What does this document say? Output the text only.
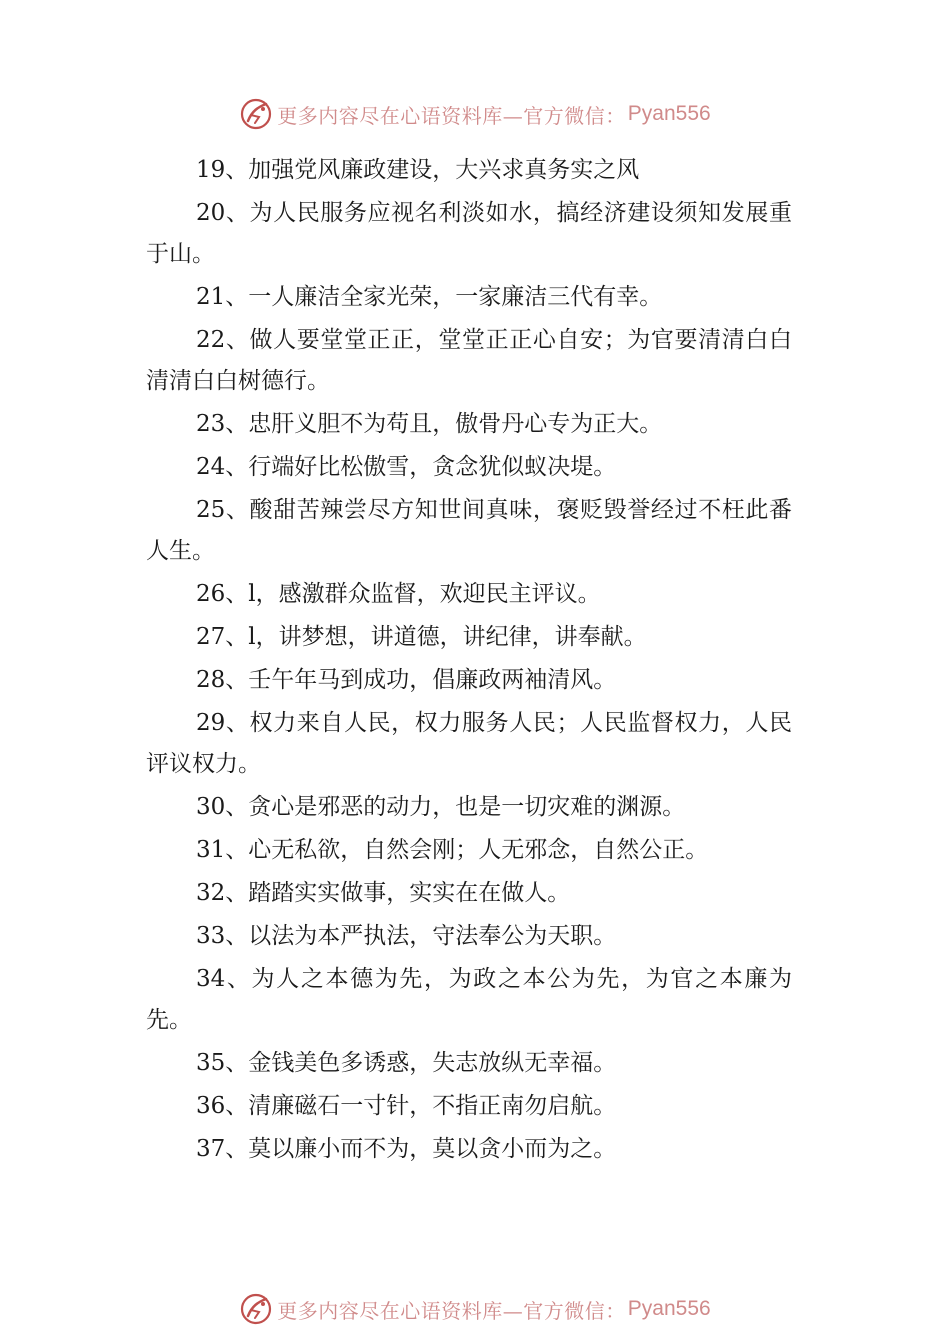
更多内容尽在心语资料库—官方微信： Pyan556

19、加强党风廉政建设，大兴求真务实之风

20、为人民服务应视名利淡如水，搞经济建设须知发展重于山。

21、一人廉洁全家光荣，一家廉洁三代有幸。

22、做人要堂堂正正，堂堂正正心自安；为官要清清白白清清白白树德行。

23、忠肝义胆不为苟且，傲骨丹心专为正大。

24、行端好比松傲雪，贪念犹似蚁决堤。

25、酸甜苦辣尝尽方知世间真味，褒贬毁誉经过不枉此番人生。

26、l，感激群众监督，欢迎民主评议。

27、l，讲梦想，讲道德，讲纪律，讲奉献。

28、壬午年马到成功，倡廉政两袖清风。

29、权力来自人民，权力服务人民；人民监督权力，人民评议权力。

30、贪心是邪恶的动力，也是一切灾难的渊源。

31、心无私欲，自然会刚；人无邪念，自然公正。

32、踏踏实实做事，实实在在做人。

33、以法为本严执法，守法奉公为天职。

34、为人之本德为先，为政之本公为先，为官之本廉为先。

35、金钱美色多诱惑，失志放纵无幸福。

36、清廉磁石一寸针，不指正南勿启航。

37、莫以廉小而不为，莫以贪小而为之。

更多内容尽在心语资料库—官方微信： Pyan556
